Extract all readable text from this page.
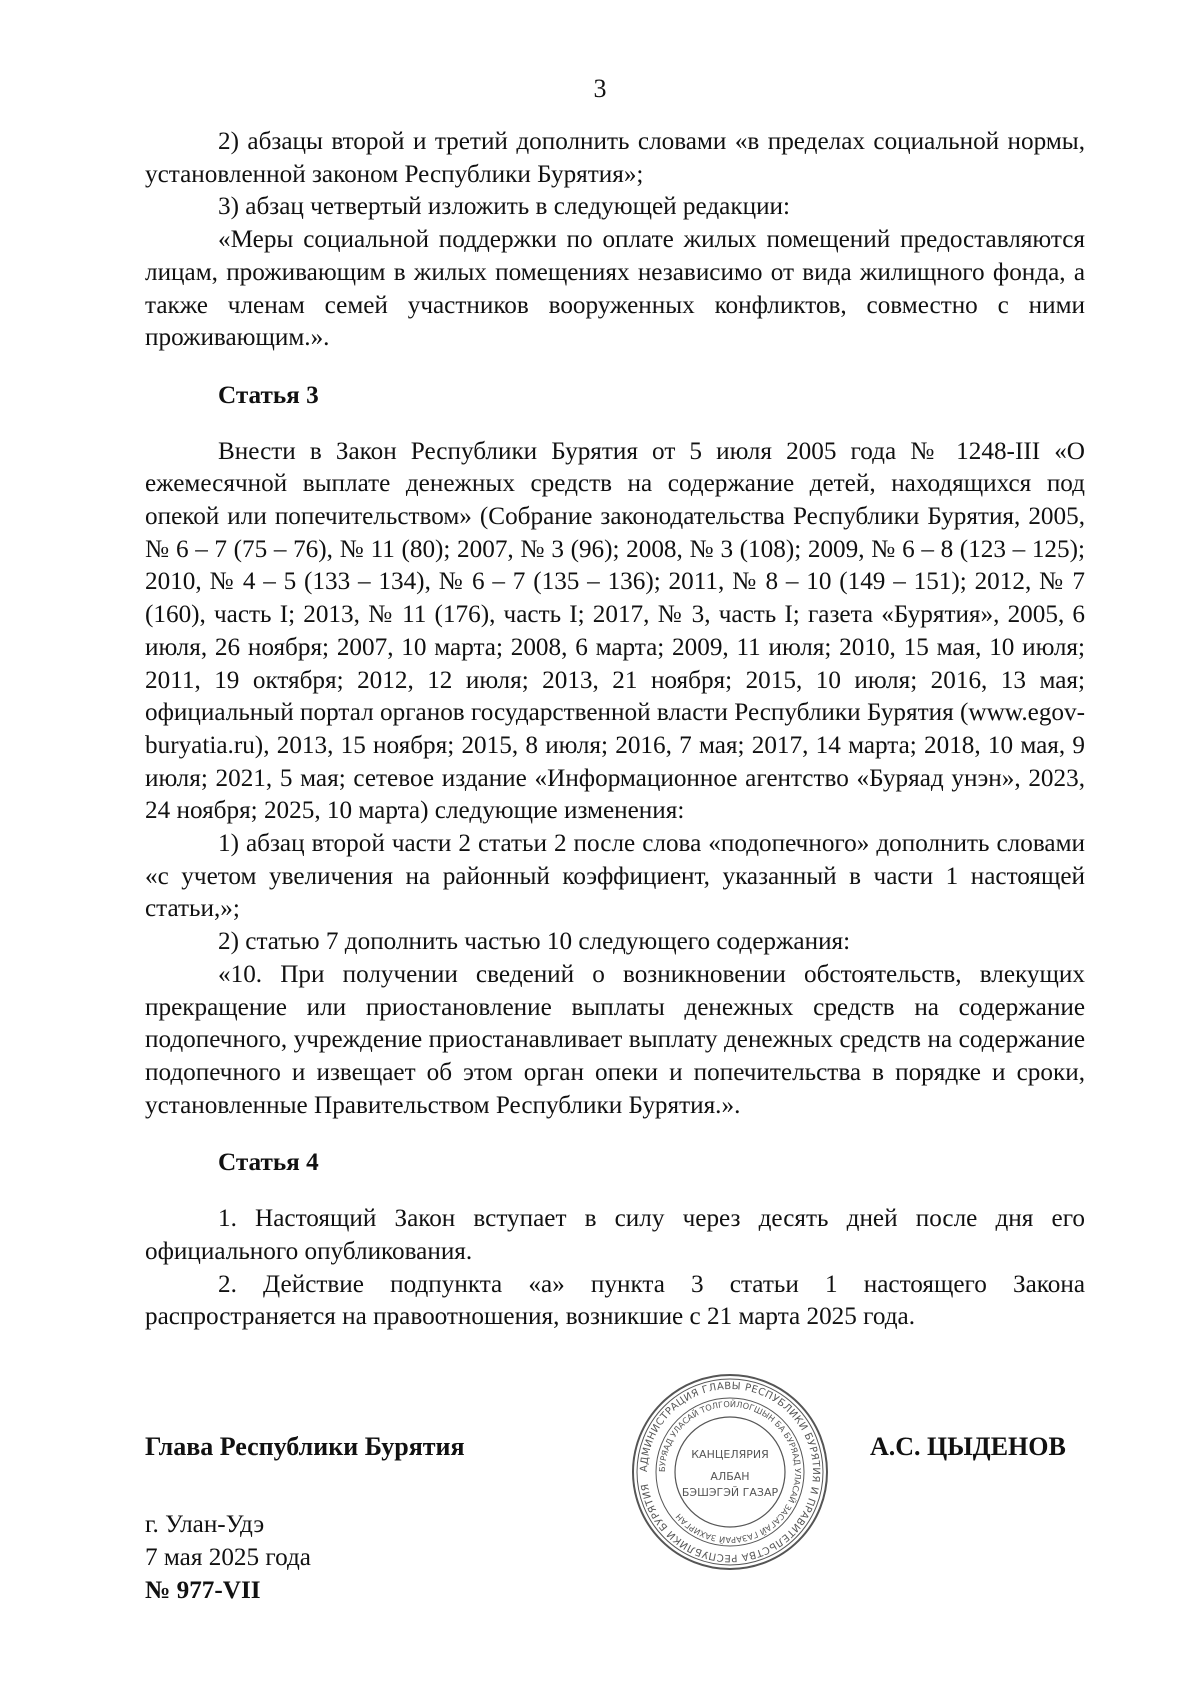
3

2) абзацы второй и третий дополнить словами «в пределах социальной нормы, установленной законом Республики Бурятия»;

3) абзац четвертый изложить в следующей редакции:

«Меры социальной поддержки по оплате жилых помещений предоставляются лицам, проживающим в жилых помещениях независимо от вида жилищного фонда, а также членам семей участников вооруженных конфликтов, совместно с ними проживающим.».

Статья 3

Внести в Закон Республики Бурятия от 5 июля 2005 года № 1248-III «О ежемесячной выплате денежных средств на содержание детей, находящихся под опекой или попечительством» (Собрание законодательства Республики Бурятия, 2005, № 6 – 7 (75 – 76), № 11 (80); 2007, № 3 (96); 2008, № 3 (108); 2009, № 6 – 8 (123 – 125); 2010, № 4 – 5 (133 – 134), № 6 – 7 (135 – 136); 2011, № 8 – 10 (149 – 151); 2012, № 7 (160), часть I; 2013, № 11 (176), часть I; 2017, № 3, часть I; газета «Бурятия», 2005, 6 июля, 26 ноября; 2007, 10 марта; 2008, 6 марта; 2009, 11 июля; 2010, 15 мая, 10 июля; 2011, 19 октября; 2012, 12 июля; 2013, 21 ноября; 2015, 10 июля; 2016, 13 мая; официальный портал органов государственной власти Республики Бурятия (www.egov-buryatia.ru), 2013, 15 ноября; 2015, 8 июля; 2016, 7 мая; 2017, 14 марта; 2018, 10 мая, 9 июля; 2021, 5 мая; сетевое издание «Информационное агентство «Буряад унэн», 2023, 24 ноября; 2025, 10 марта) следующие изменения:

1) абзац второй части 2 статьи 2 после слова «подопечного» дополнить словами «с учетом увеличения на районный коэффициент, указанный в части 1 настоящей статьи,»;

2) статью 7 дополнить частью 10 следующего содержания:

«10. При получении сведений о возникновении обстоятельств, влекущих прекращение или приостановление выплаты денежных средств на содержание подопечного, учреждение приостанавливает выплату денежных средств на содержание подопечного и извещает об этом орган опеки и попечительства в порядке и сроки, установленные Правительством Республики Бурятия.».

Статья 4

1. Настоящий Закон вступает в силу через десять дней после дня его официального опубликования.

2. Действие подпункта «а» пункта 3 статьи 1 настоящего Закона распространяется на правоотношения, возникшие с 21 марта 2025 года.

Глава Республики Бурятия	А.С. ЦЫДЕНОВ
г. Улан-Удэ
7 мая 2025 года
№ 977-VII
АДМИНИСТРАЦИЯ ГЛАВЫ РЕСПУБЛИКИ БУРЯТИЯ И ПРАВИТЕЛЬСТВА РЕСПУБЛИКИ БУРЯТИЯ
БУРЯАД УЛАСАЙ ТОЛГОЙЛОГШЫН БА БУРЯАД УЛАСАЙ ЗАСАГАЙ ГАЗАРАЙ ЗАХИРГАН
КАНЦЕЛЯРИЯ
АЛБАН
БЭШЭГЭЙ ГАЗАР
